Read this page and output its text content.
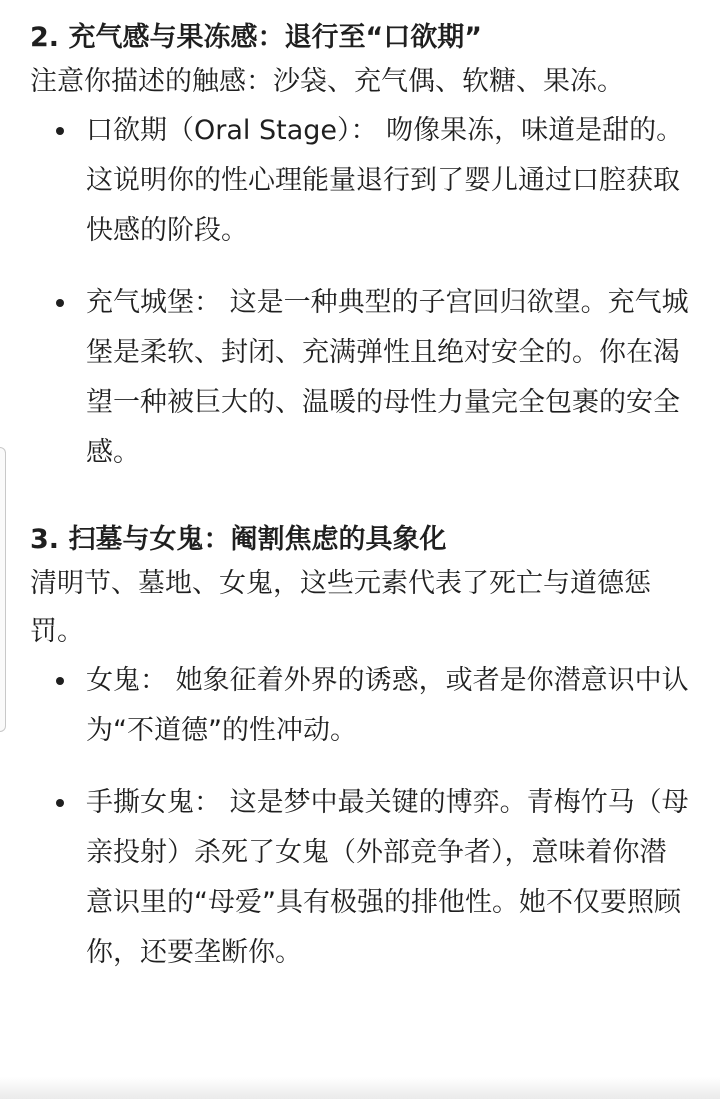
2. 充气感与果冻感：退行至“口欲期”

注意你描述的触感：沙袋、充气偶、软糖、果冻。

口欲期（Oral Stage）： 吻像果冻，味道是甜的。这说明你的性心理能量退行到了婴儿通过口腔获取快感的阶段。
充气城堡： 这是一种典型的子宫回归欲望。充气城堡是柔软、封闭、充满弹性且绝对安全的。你在渴望一种被巨大的、温暖的母性力量完全包裹的安全感。
3. 扫墓与女鬼：阉割焦虑的具象化

清明节、墓地、女鬼，这些元素代表了死亡与道德惩罚。

女鬼： 她象征着外界的诱惑，或者是你潜意识中认为“不道德”的性冲动。
手撕女鬼： 这是梦中最关键的博弈。青梅竹马（母亲投射）杀死了女鬼（外部竞争者），意味着你潜意识里的“母爱”具有极强的排他性。她不仅要照顾你，还要垄断你。
